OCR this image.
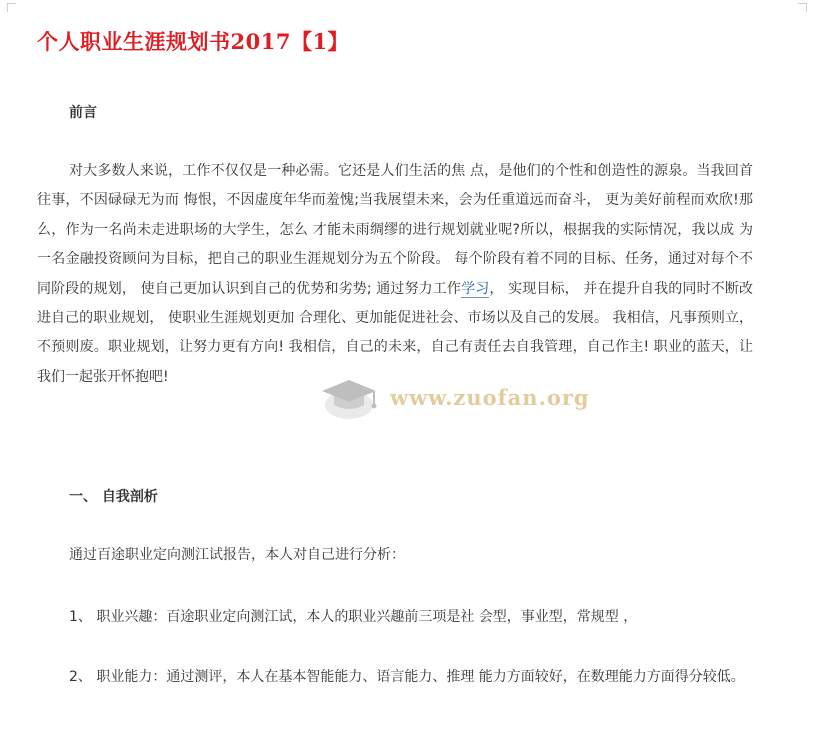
个人职业生涯规划书2017【1】
前言

对大多数人来说，工作不仅仅是一种必需。它还是人们生活的焦 点，是他们的个性和创造性的源泉。当我回首往事，不因碌碌无为而 悔恨，不因虚度年华而羞愧;当我展望未来，会为任重道远而奋斗， 更为美好前程而欢欣!那么，作为一名尚未走进职场的大学生，怎么 才能未雨绸缪的进行规划就业呢?所以，根据我的实际情况，我以成 为一名金融投资顾问为目标，把自己的职业生涯规划分为五个阶段。 每个阶段有着不同的目标、任务，通过对每个不同阶段的规划， 使自己更加认识到自己的优势和劣势; 通过努力工作学习， 实现目标， 并在提升自我的同时不断改进自己的职业规划， 使职业生涯规划更加 合理化、更加能促进社会、市场以及自己的发展。 我相信，凡事预则立，不预则废。职业规划，让努力更有方向! 我相信，自己的未来，自己有责任去自我管理，自己作主! 职业的蓝天，让我们一起张开怀抱吧!

一、 自我剖析

通过百途职业定向测江试报告，本人对自己进行分析：

1、 职业兴趣：百途职业定向测江试，本人的职业兴趣前三项是社 会型，事业型，常规型 ，

2、 职业能力：通过测评，本人在基本智能能力、语言能力、推理 能力方面较好，在数理能力方面得分较低。

www.zuofan.org
